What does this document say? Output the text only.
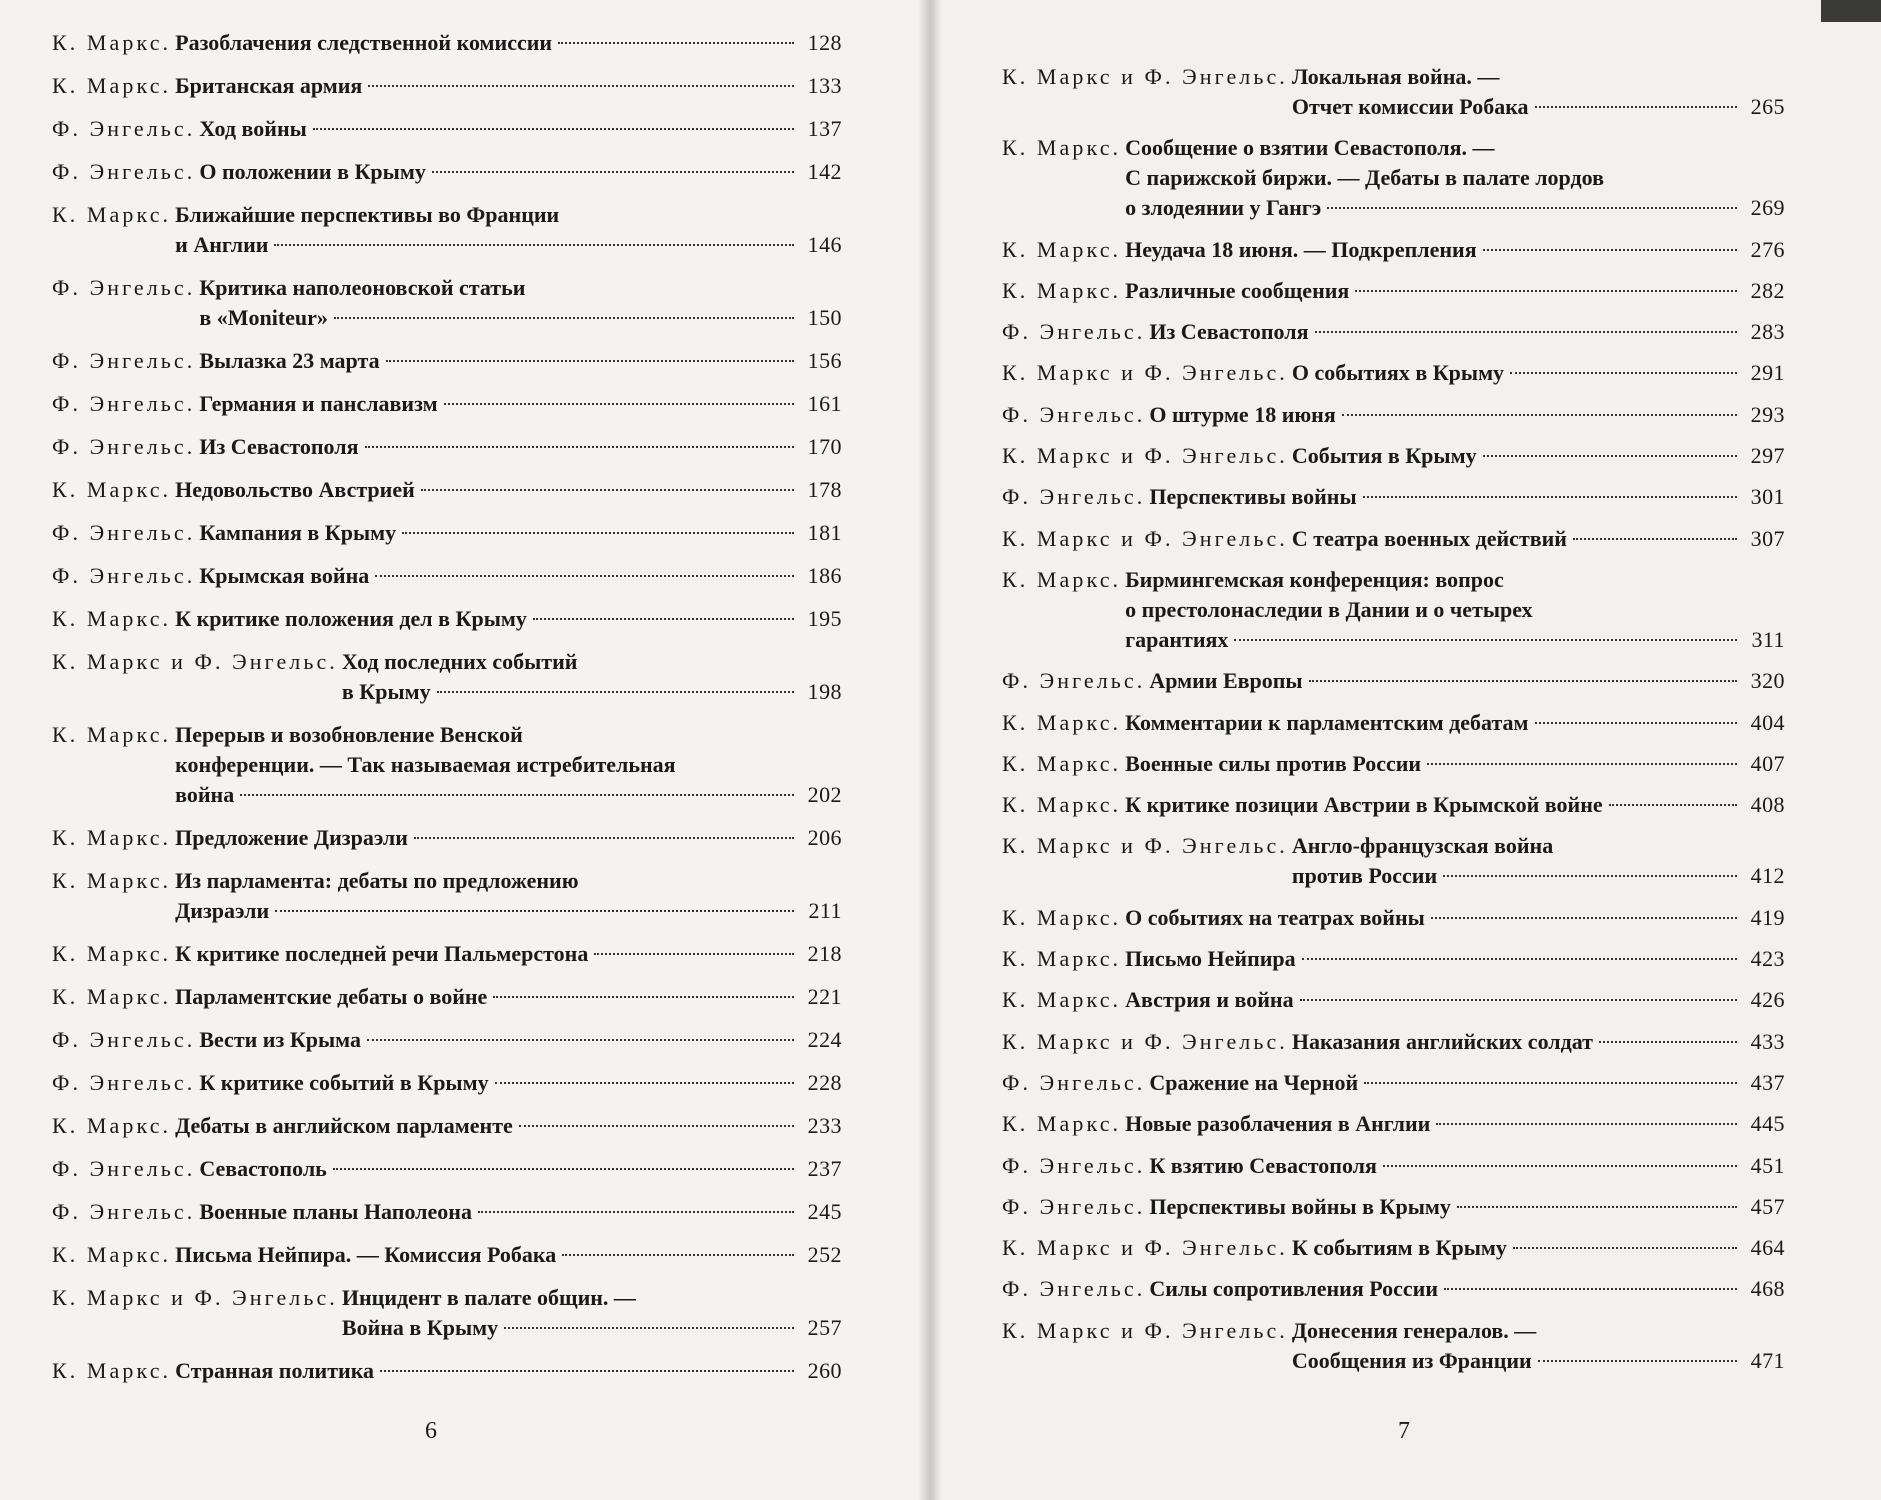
К. Маркс. Разоблачения следственной комиссии	128
К. Маркс. Британская армия	133
Ф. Энгельс. Ход войны	137
Ф. Энгельс. О положении в Крыму	142
К. Маркс. Ближайшие перспективы во Франции
и Англии	146
Ф. Энгельс. Критика наполеоновской статьи
в «Moniteur»	150
Ф. Энгельс. Вылазка 23 марта	156
Ф. Энгельс. Германия и панславизм	161
Ф. Энгельс. Из Севастополя	170
К. Маркс. Недовольство Австрией	178
Ф. Энгельс. Кампания в Крыму	181
Ф. Энгельс. Крымская война	186
К. Маркс. К критике положения дел в Крыму	195
К. Маркс и Ф. Энгельс. Ход последних событий
в Крыму	198
К. Маркс. Перерыв и возобновление Венской
конференции. — Так называемая истребительная
война	202
К. Маркс. Предложение Дизраэли	206
К. Маркс. Из парламента: дебаты по предложению
Дизраэли	211
К. Маркс. К критике последней речи Пальмерстона	218
К. Маркс. Парламентские дебаты о войне	221
Ф. Энгельс. Вести из Крыма	224
Ф. Энгельс. К критике событий в Крыму	228
К. Маркс. Дебаты в английском парламенте	233
Ф. Энгельс. Севастополь	237
Ф. Энгельс. Военные планы Наполеона	245
К. Маркс. Письма Нейпира. — Комиссия Робака	252
К. Маркс и Ф. Энгельс. Инцидент в палате общин. —
Война в Крыму	257
К. Маркс. Странная политика	260
6
К. Маркс и Ф. Энгельс. Локальная война. —
Отчет комиссии Робака	265
К. Маркс. Сообщение о взятии Севастополя. —
С парижской биржи. — Дебаты в палате лордов
о злодеянии у Гангэ	269
К. Маркс. Неудача 18 июня. — Подкрепления	276
К. Маркс. Различные сообщения	282
Ф. Энгельс. Из Севастополя	283
К. Маркс и Ф. Энгельс. О событиях в Крыму	291
Ф. Энгельс. О штурме 18 июня	293
К. Маркс и Ф. Энгельс. События в Крыму	297
Ф. Энгельс. Перспективы войны	301
К. Маркс и Ф. Энгельс. С театра военных действий	307
К. Маркс. Бирмингемская конференция: вопрос
о престолонаследии в Дании и о четырех
гарантиях	311
Ф. Энгельс. Армии Европы	320
К. Маркс. Комментарии к парламентским дебатам	404
К. Маркс. Военные силы против России	407
К. Маркс. К критике позиции Австрии в Крымской войне	408
К. Маркс и Ф. Энгельс. Англо-французская война
против России	412
К. Маркс. О событиях на театрах войны	419
К. Маркс. Письмо Нейпира	423
К. Маркс. Австрия и война	426
К. Маркс и Ф. Энгельс. Наказания английских солдат	433
Ф. Энгельс. Сражение на Черной	437
К. Маркс. Новые разоблачения в Англии	445
Ф. Энгельс. К взятию Севастополя	451
Ф. Энгельс. Перспективы войны в Крыму	457
К. Маркс и Ф. Энгельс. К событиям в Крыму	464
Ф. Энгельс. Силы сопротивления России	468
К. Маркс и Ф. Энгельс. Донесения генералов. —
Сообщения из Франции	471
7
